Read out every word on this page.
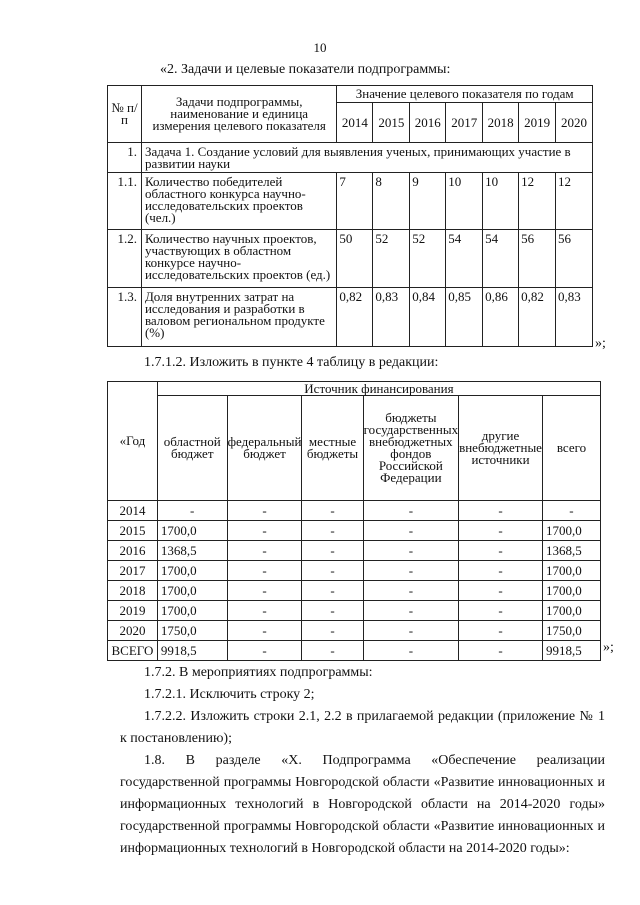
10
«2. Задачи и целевые показатели подпрограммы:
№ п/п	Задачи подпрограммы, наименование и единица измерения целевого показателя	Значение целевого показателя по годам						
		2014	2015	2016	2017	2018	2019	2020
1.	Задача 1. Создание условий для выявления ученых, принимающих участие в развитии науки							
1.1.	Количество победителей областного конкурса научно-исследовательских проектов (чел.)	7	8	9	10	10	12	12
1.2.	Количество научных проектов, участвующих в областном конкурсе научно-исследовательских проектов (ед.)	50	52	52	54	54	56	56
1.3.	Доля внутренних затрат на исследования и разработки в валовом региональном продукте (%)	0,82	0,83	0,84	0,85	0,86	0,82	0,83
»;
1.7.1.2. Изложить в пункте 4 таблицу в редакции:
«Год	Источник финансирования					
	областной бюджет	федеральный бюджет	местные бюджеты	бюджеты государственных внебюджетных фондов Российской Федерации	другие внебюджетные источники	всего
2014	-	-	-	-	-	-
2015	1700,0	-	-	-	-	1700,0
2016	1368,5	-	-	-	-	1368,5
2017	1700,0	-	-	-	-	1700,0
2018	1700,0	-	-	-	-	1700,0
2019	1700,0	-	-	-	-	1700,0
2020	1750,0	-	-	-	-	1750,0
ВСЕГО	9918,5	-	-	-	-	9918,5 »;
1.7.2. В мероприятиях подпрограммы:
1.7.2.1. Исключить строку 2;
1.7.2.2. Изложить строки 2.1, 2.2 в прилагаемой редакции (приложение № 1 к постановлению);
1.8. В разделе «X. Подпрограмма «Обеспечение реализации государственной программы Новгородской области «Развитие инновационных и информационных технологий в Новгородской области на 2014-2020 годы» государственной программы Новгородской области «Развитие инновационных и информационных технологий в Новгородской области на 2014-2020 годы»:
